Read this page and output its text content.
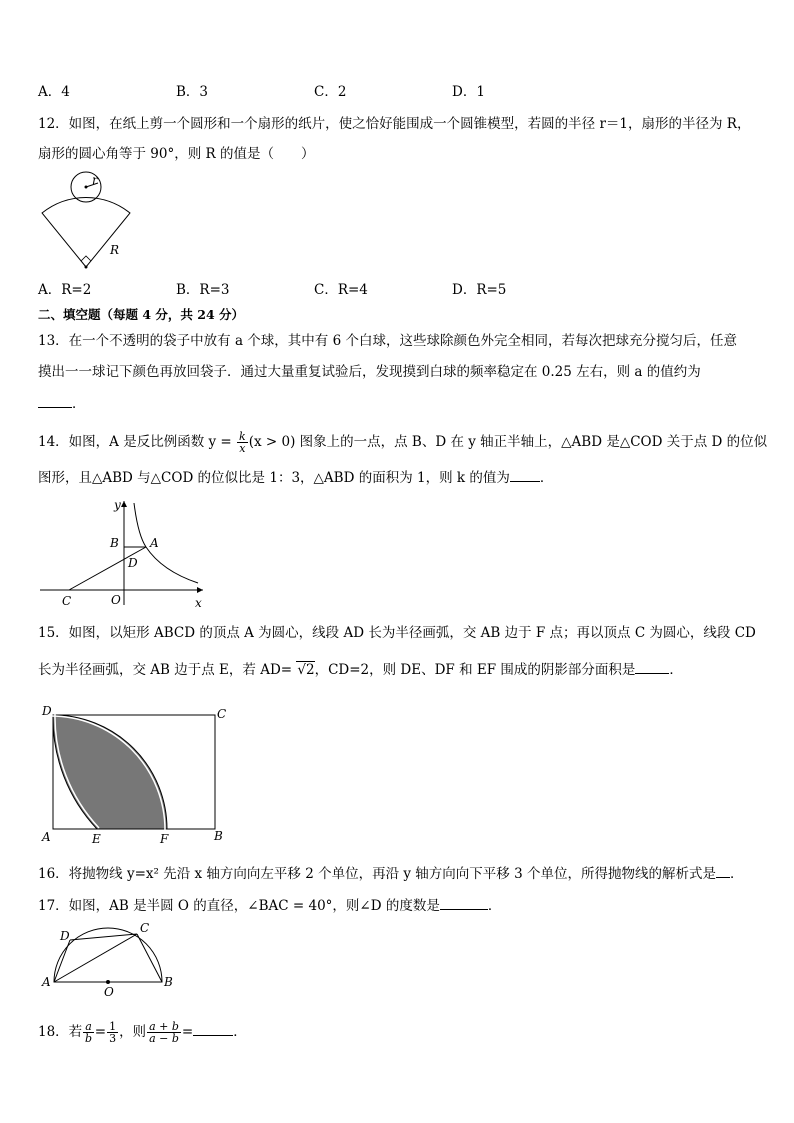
A．4	B．3	C．2	D．1
12．如图，在纸上剪一个圆形和一个扇形的纸片，使之恰好能围成一个圆锥模型，若圆的半径 r＝1，扇形的半径为 R，
扇形的圆心角等于 90°，则 R 的值是（　　）
r
R
A．R=2	B．R=3	C．R=4	D．R=5
二、填空题（每题 4 分，共 24 分）
13．在一个不透明的袋子中放有 a 个球，其中有 6 个白球，这些球除颜色外完全相同，若每次把球充分搅匀后，任意
摸出一一球记下颜色再放回袋子．通过大量重复试验后，发现摸到白球的频率稳定在 0.25 左右，则 a 的值约为
．
14．如图，A 是反比例函数 $y = \frac{k}{x} (x > 0)$ 图象上的一点，点 B、D 在 y 轴正半轴上，△ABD 是△COD 关于点 D 的位似
图形，且△ABD 与△COD 的位似比是 1：3，△ABD 的面积为 1，则 k 的值为 ．
y
B	A
D
C	O	x
15．如图，以矩形 ABCD 的顶点 A 为圆心，线段 AD 长为半径画弧，交 AB 边于 F 点；再以顶点 C 为圆心，线段 CD
长为半径画弧，交 AB 边于点 E，若 AD= √2，CD=2，则 DE、DF 和 EF 围成的阴影部分面积是	．
D	C
A	E	F	B
16．将抛物线 y=x² 先沿 x 轴方向向左平移 2 个单位，再沿 y 轴方向向下平移 3 个单位，所得抛物线的解析式是 ．
17．如图，AB 是半圆 O 的直径，∠BAC = 40°，则∠D 的度数是	．
D
C
A	B
O
18．若 $\frac{a}{b} = \frac{1}{3}$ ，则 $\frac{a + b}{a - b}$ =	．
